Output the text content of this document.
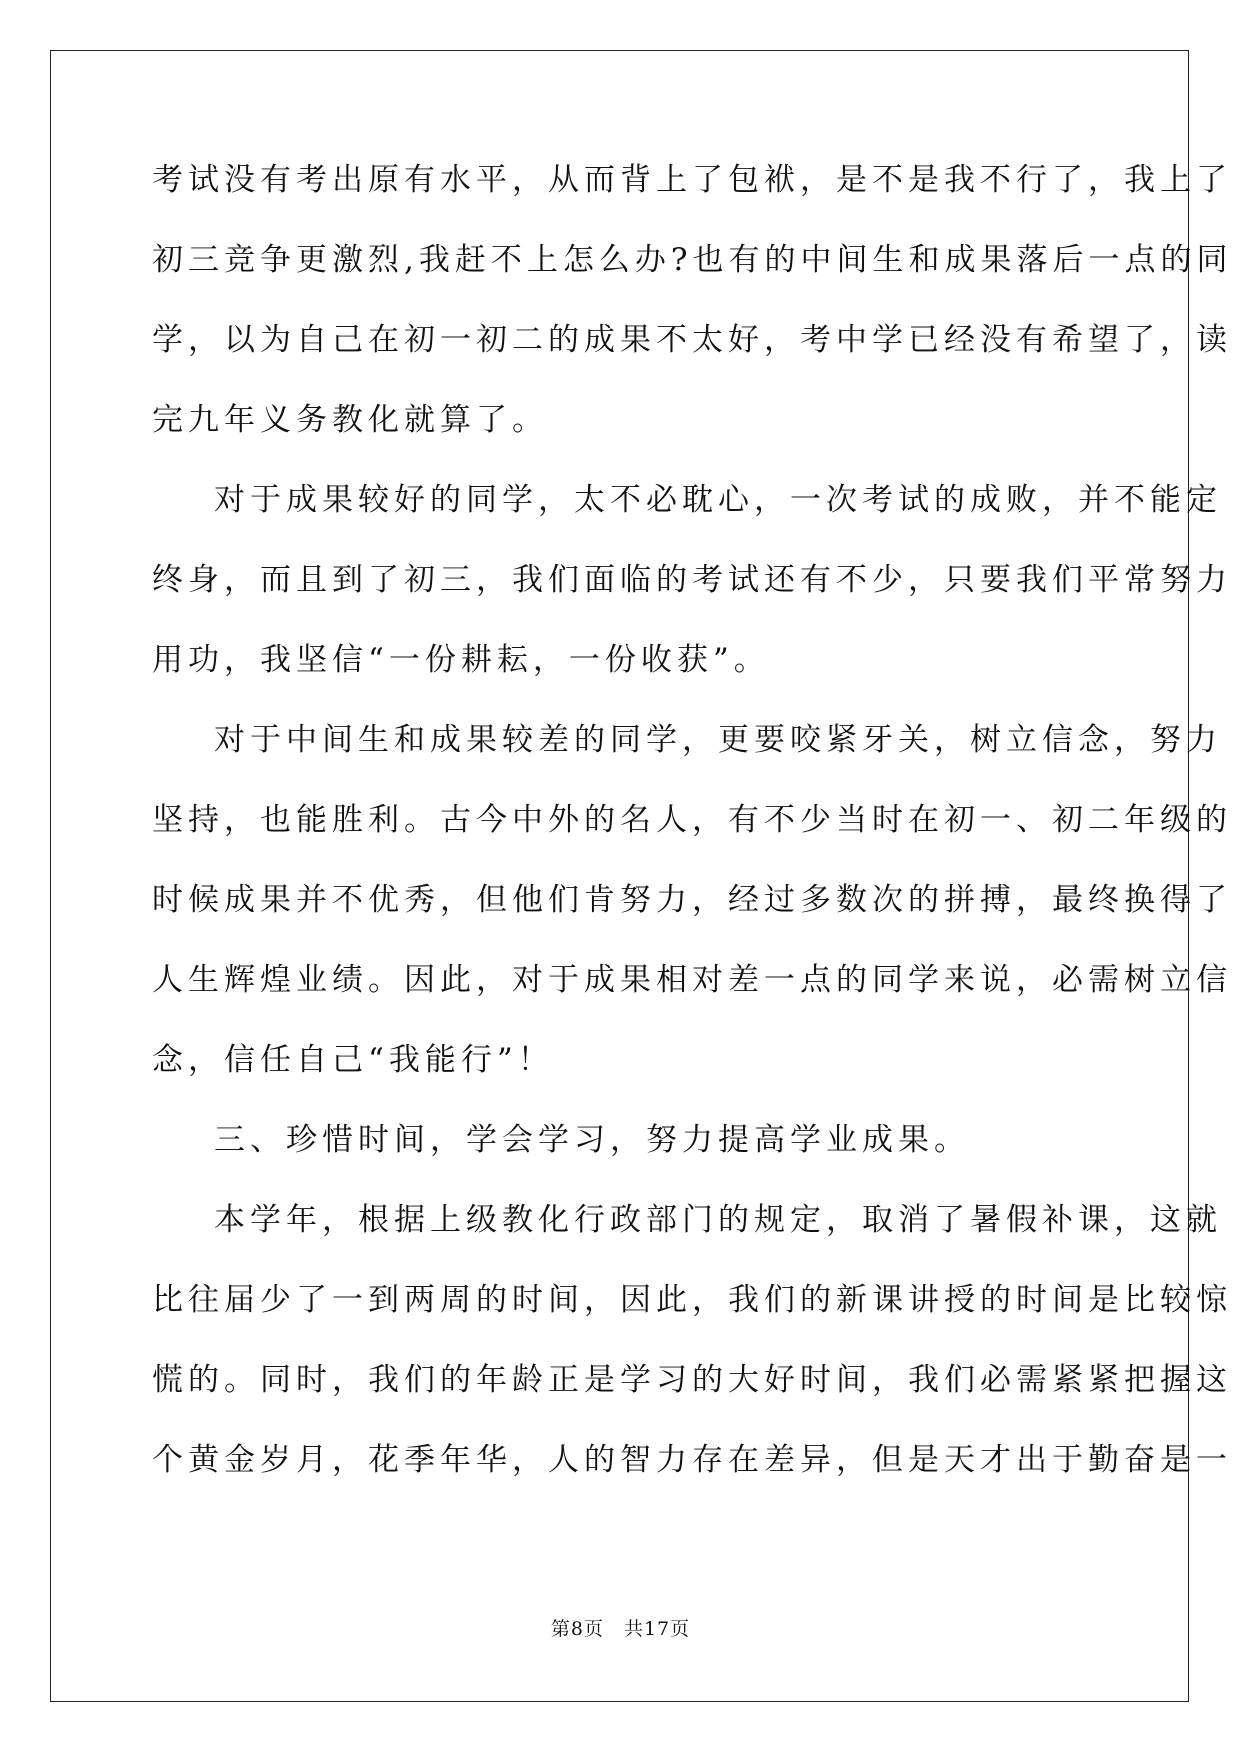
考试没有考出原有水平，从而背上了包袱，是不是我不行了，我上了
初三竞争更激烈,我赶不上怎么办?也有的中间生和成果落后一点的同
学，以为自己在初一初二的成果不太好，考中学已经没有希望了，读
完九年义务教化就算了。
对于成果较好的同学，太不必耽心，一次考试的成败，并不能定
终身，而且到了初三，我们面临的考试还有不少，只要我们平常努力
用功，我坚信“一份耕耘，一份收获”。
对于中间生和成果较差的同学，更要咬紧牙关，树立信念，努力
坚持，也能胜利。古今中外的名人，有不少当时在初一、初二年级的
时候成果并不优秀，但他们肯努力，经过多数次的拼搏，最终换得了
人生辉煌业绩。因此，对于成果相对差一点的同学来说，必需树立信
念，信任自己“我能行”！
三、珍惜时间，学会学习，努力提高学业成果。
本学年，根据上级教化行政部门的规定，取消了暑假补课，这就
比往届少了一到两周的时间，因此，我们的新课讲授的时间是比较惊
慌的。同时，我们的年龄正是学习的大好时间，我们必需紧紧把握这
个黄金岁月，花季年华，人的智力存在差异，但是天才出于勤奋是一
第8页　共17页
